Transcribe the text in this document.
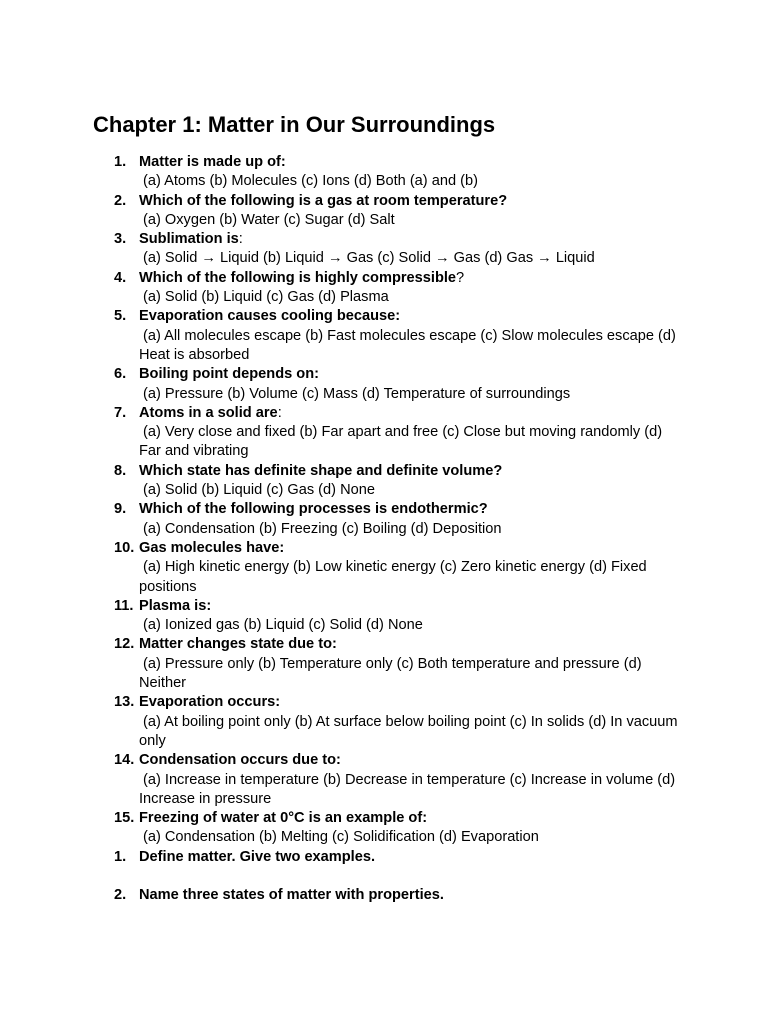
Chapter 1: Matter in Our Surroundings
1. Matter is made up of:
(a) Atoms (b) Molecules (c) Ions (d) Both (a) and (b)
2. Which of the following is a gas at room temperature?
(a) Oxygen (b) Water (c) Sugar (d) Salt
3. Sublimation is:
(a) Solid → Liquid (b) Liquid → Gas (c) Solid → Gas (d) Gas → Liquid
4. Which of the following is highly compressible?
(a) Solid (b) Liquid (c) Gas (d) Plasma
5. Evaporation causes cooling because:
(a) All molecules escape (b) Fast molecules escape (c) Slow molecules escape (d) Heat is absorbed
6. Boiling point depends on:
(a) Pressure (b) Volume (c) Mass (d) Temperature of surroundings
7. Atoms in a solid are:
(a) Very close and fixed (b) Far apart and free (c) Close but moving randomly (d) Far and vibrating
8. Which state has definite shape and definite volume?
(a) Solid (b) Liquid (c) Gas (d) None
9. Which of the following processes is endothermic?
(a) Condensation (b) Freezing (c) Boiling (d) Deposition
10. Gas molecules have:
(a) High kinetic energy (b) Low kinetic energy (c) Zero kinetic energy (d) Fixed positions
11. Plasma is:
(a) Ionized gas (b) Liquid (c) Solid (d) None
12. Matter changes state due to:
(a) Pressure only (b) Temperature only (c) Both temperature and pressure (d) Neither
13. Evaporation occurs:
(a) At boiling point only (b) At surface below boiling point (c) In solids (d) In vacuum only
14. Condensation occurs due to:
(a) Increase in temperature (b) Decrease in temperature (c) Increase in volume (d) Increase in pressure
15. Freezing of water at 0°C is an example of:
(a) Condensation (b) Melting (c) Solidification (d) Evaporation
1. Define matter. Give two examples.
2. Name three states of matter with properties.
